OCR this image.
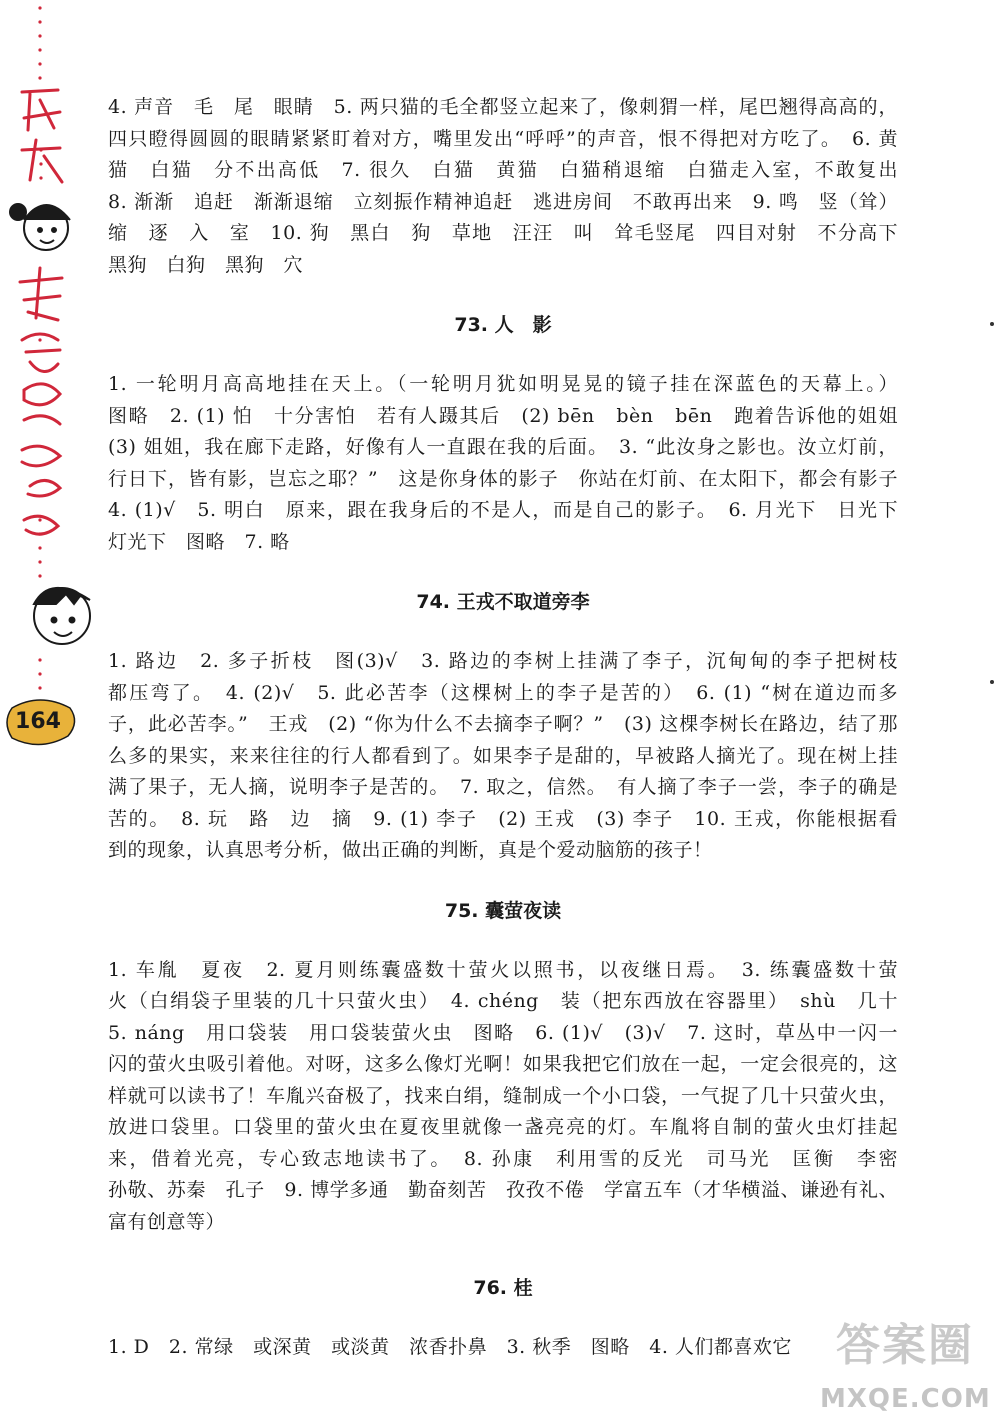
164
4. 声音　毛　尾　眼睛　5. 两只猫的毛全都竖立起来了，像刺猬一样，尾巴翘得高高的，
四只瞪得圆圆的眼睛紧紧盯着对方，嘴里发出“呼呼”的声音，恨不得把对方吃了。　6. 黄
猫　白猫　分不出高低　7. 很久　白猫　黄猫　白猫稍退缩　白猫走入室，不敢复出
8. 渐渐　追赶　渐渐退缩　立刻振作精神追赶　逃进房间　不敢再出来　9. 鸣　竖（耸）
缩　逐　入　室　10. 狗　黑白　狗　草地　汪汪　叫　耸毛竖尾　四目对射　不分高下
黑狗　白狗　黑狗　穴
73. 人　影
1. 一轮明月高高地挂在天上。（一轮明月犹如明晃晃的镜子挂在深蓝色的天幕上。）
图略　2. (1) 怕　十分害怕　若有人蹑其后　(2) bēn　bèn　bēn　跑着告诉他的姐姐
(3) 姐姐，我在廊下走路，好像有人一直跟在我的后面。　3. “此汝身之影也。汝立灯前，
行日下，皆有影，岂忘之耶？”　这是你身体的影子　你站在灯前、在太阳下，都会有影子
4. (1)√　5. 明白　原来，跟在我身后的不是人，而是自己的影子。　6. 月光下　日光下
灯光下　图略　7. 略
74. 王戎不取道旁李
1. 路边　2. 多子折枝　图(3)√　3. 路边的李树上挂满了李子，沉甸甸的李子把树枝
都压弯了。　4. (2)√　5. 此必苦李（这棵树上的李子是苦的）　6. (1) “树在道边而多
子，此必苦李。”　王戎　(2) “你为什么不去摘李子啊？”　(3) 这棵李树长在路边，结了那
么多的果实，来来往往的行人都看到了。如果李子是甜的，早被路人摘光了。现在树上挂
满了果子，无人摘，说明李子是苦的。　7. 取之，信然。　有人摘了李子一尝，李子的确是
苦的。　8. 玩　路　边　摘　9. (1) 李子　(2) 王戎　(3) 李子　10. 王戎，你能根据看
到的现象，认真思考分析，做出正确的判断，真是个爱动脑筋的孩子！
75. 囊萤夜读
1. 车胤　夏夜　2. 夏月则练囊盛数十萤火以照书，以夜继日焉。　3. 练囊盛数十萤
火（白绢袋子里装的几十只萤火虫）　4. chéng　装（把东西放在容器里）　shù　几十
5. náng　用口袋装　用口袋装萤火虫　图略　6. (1)√　(3)√　7. 这时，草丛中一闪一
闪的萤火虫吸引着他。对呀，这多么像灯光啊！如果我把它们放在一起，一定会很亮的，这
样就可以读书了！车胤兴奋极了，找来白绢，缝制成一个小口袋，一气捉了几十只萤火虫，
放进口袋里。口袋里的萤火虫在夏夜里就像一盏亮亮的灯。车胤将自制的萤火虫灯挂起
来，借着光亮，专心致志地读书了。　8. 孙康　利用雪的反光　司马光　匡衡　李密
孙敬、苏秦　孔子　9. 博学多通　勤奋刻苦　孜孜不倦　学富五车（才华横溢、谦逊有礼、
富有创意等）
76. 桂
1. D　2. 常绿　或深黄　或淡黄　浓香扑鼻　3. 秋季　图略　4. 人们都喜欢它	答案圈
MXQE.COM
